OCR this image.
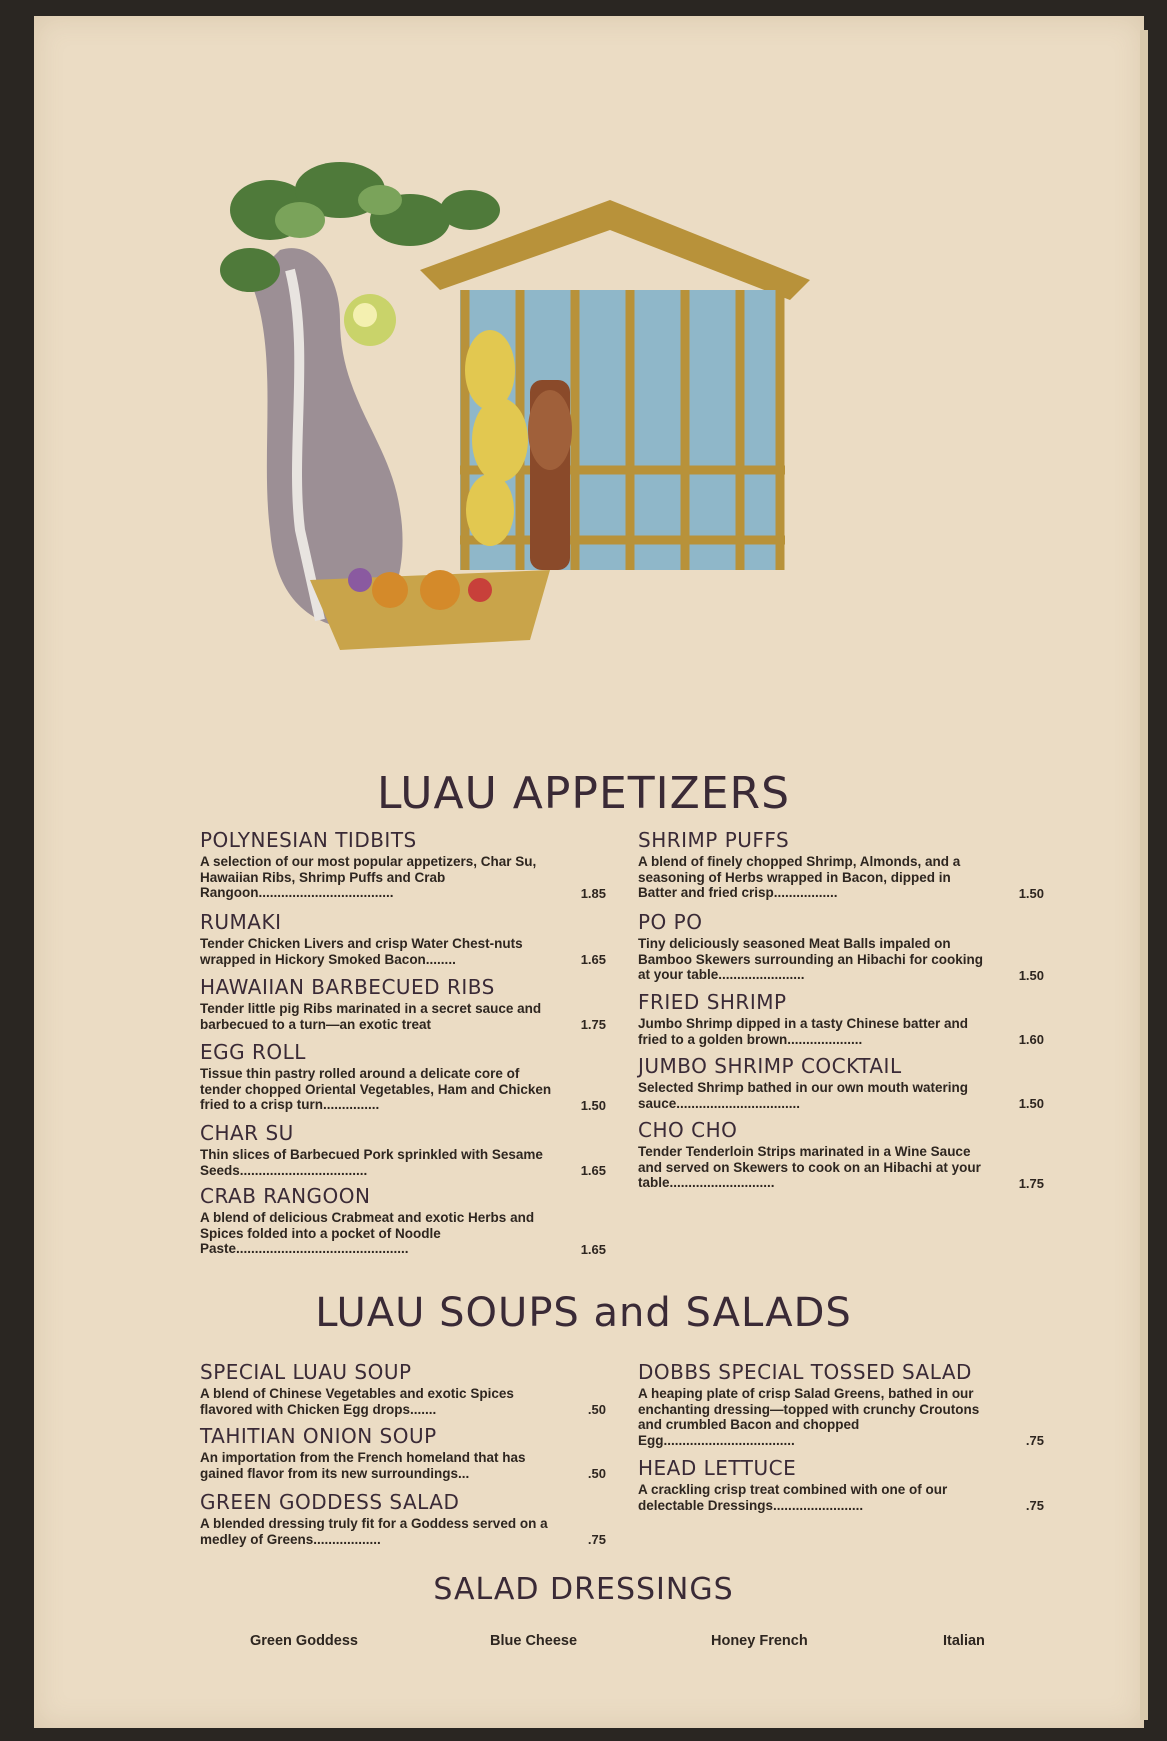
LUAU APPETIZERS
POLYNESIAN TIDBITS
A selection of our most popular appetizers, Char Su, Hawaiian Ribs, Shrimp Puffs and Crab Rangoon....................................	1.85
RUMAKI
Tender Chicken Livers and crisp Water Chest-nuts wrapped in Hickory Smoked Bacon........	1.65
HAWAIIAN BARBECUED RIBS
Tender little pig Ribs marinated in a secret sauce and barbecued to a turn—an exotic treat	1.75
EGG ROLL
Tissue thin pastry rolled around a delicate core of tender chopped Oriental Vegetables, Ham and Chicken fried to a crisp turn...............	1.50
CHAR SU
Thin slices of Barbecued Pork sprinkled with Sesame Seeds..................................	1.65
CRAB RANGOON
A blend of delicious Crabmeat and exotic Herbs and Spices folded into a pocket of Noodle Paste..............................................	1.65
SHRIMP PUFFS
A blend of finely chopped Shrimp, Almonds, and a seasoning of Herbs wrapped in Bacon, dipped in Batter and fried crisp.................	1.50
PO PO
Tiny deliciously seasoned Meat Balls impaled on Bamboo Skewers surrounding an Hibachi for cooking at your table.......................	1.50
FRIED SHRIMP
Jumbo Shrimp dipped in a tasty Chinese batter and fried to a golden brown....................	1.60
JUMBO SHRIMP COCKTAIL
Selected Shrimp bathed in our own mouth watering sauce.................................	1.50
CHO CHO
Tender Tenderloin Strips marinated in a Wine Sauce and served on Skewers to cook on an Hibachi at your table............................	1.75
LUAU SOUPS and SALADS
SPECIAL LUAU SOUP
A blend of Chinese Vegetables and exotic Spices flavored with Chicken Egg drops.......	.50
TAHITIAN ONION SOUP
An importation from the French homeland that has gained flavor from its new surroundings...	.50
GREEN GODDESS SALAD
A blended dressing truly fit for a Goddess served on a medley of Greens..................	.75
DOBBS SPECIAL TOSSED SALAD
A heaping plate of crisp Salad Greens, bathed in our enchanting dressing—topped with crunchy Croutons and crumbled Bacon and chopped Egg...................................	.75
HEAD LETTUCE
A crackling crisp treat combined with one of our delectable Dressings........................	.75
SALAD DRESSINGS
Green Goddess	Blue Cheese	Honey French	Italian
